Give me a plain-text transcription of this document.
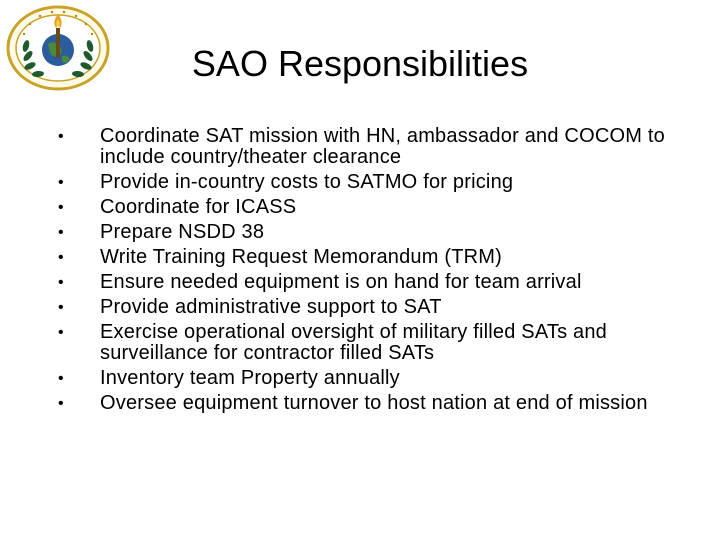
SAO Responsibilities
•	Coordinate SAT mission with HN, ambassador and COCOM to include country/theater clearance
•	Provide in-country costs to SATMO for pricing
•	Coordinate for ICASS
•	Prepare NSDD 38
•	Write Training Request Memorandum (TRM)
•	Ensure needed equipment is on hand for team arrival
•	Provide administrative support to SAT
•	Exercise operational oversight of military filled SATs and surveillance for contractor filled SATs
•	Inventory team Property annually
•	Oversee equipment turnover to host nation at end of mission
